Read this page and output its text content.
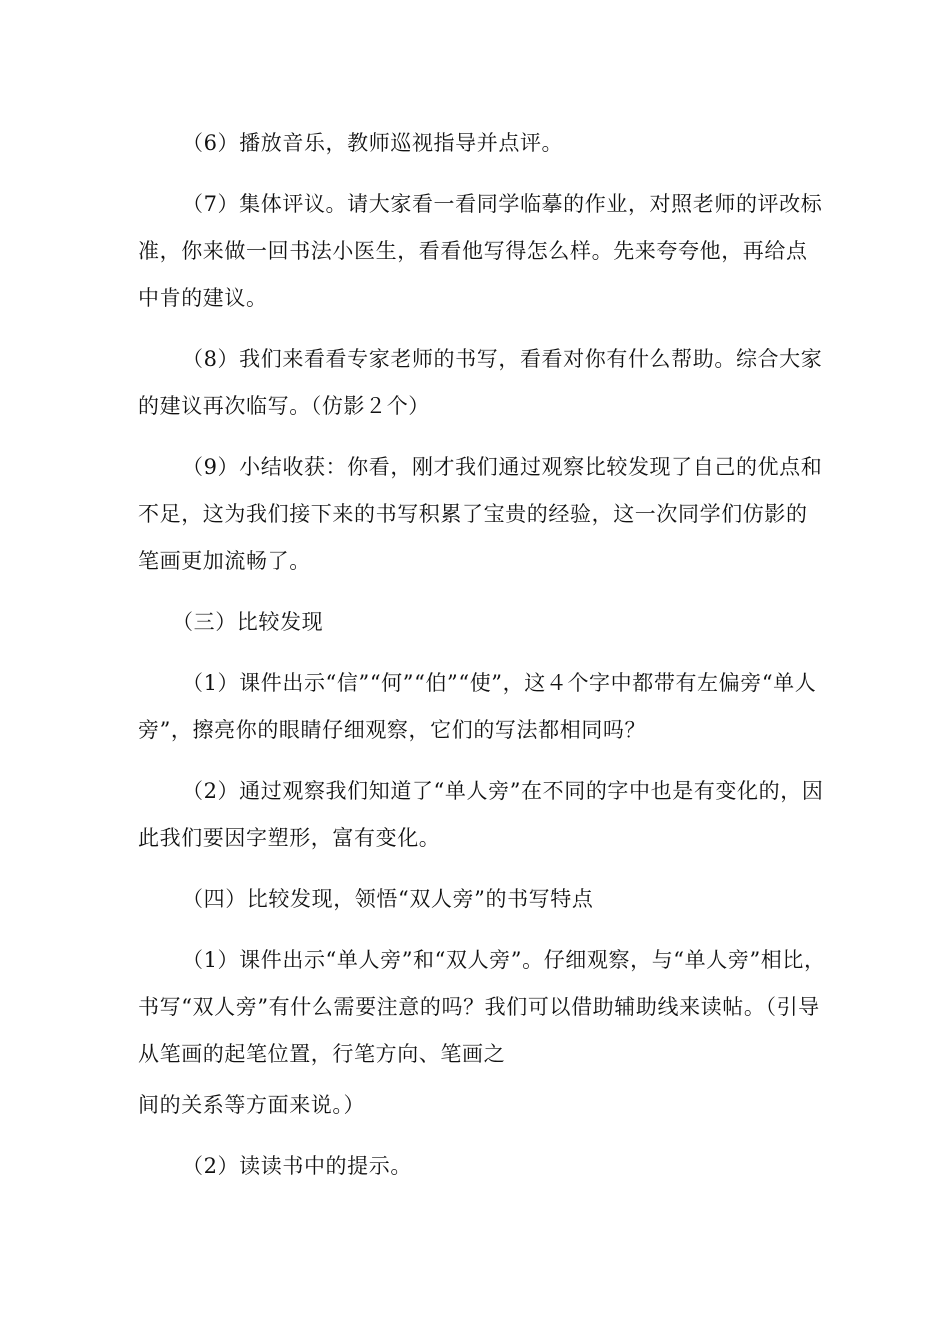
（6）播放音乐，教师巡视指导并点评。

（7）集体评议。请大家看一看同学临摹的作业，对照老师的评改标准，你来做一回书法小医生，看看他写得怎么样。先来夸夸他，再给点中肯的建议。

（8）我们来看看专家老师的书写，看看对你有什么帮助。综合大家的建议再次临写。（仿影２个）

（9）小结收获：你看，刚才我们通过观察比较发现了自己的优点和不足，这为我们接下来的书写积累了宝贵的经验，这一次同学们仿影的笔画更加流畅了。

（三）比较发现

（1）课件出示“信”“何”“伯”“使”，这４个字中都带有左偏旁“单人旁”，擦亮你的眼睛仔细观察，它们的写法都相同吗？

（2）通过观察我们知道了“单人旁”在不同的字中也是有变化的，因此我们要因字塑形，富有变化。

（四）比较发现，领悟“双人旁”的书写特点

（1）课件出示“单人旁”和“双人旁”。仔细观察，与“单人旁”相比，书写“双人旁”有什么需要注意的吗？我们可以借助辅助线来读帖。（引导从笔画的起笔位置，行笔方向、笔画之

间的关系等方面来说。）

（2）读读书中的提示。
